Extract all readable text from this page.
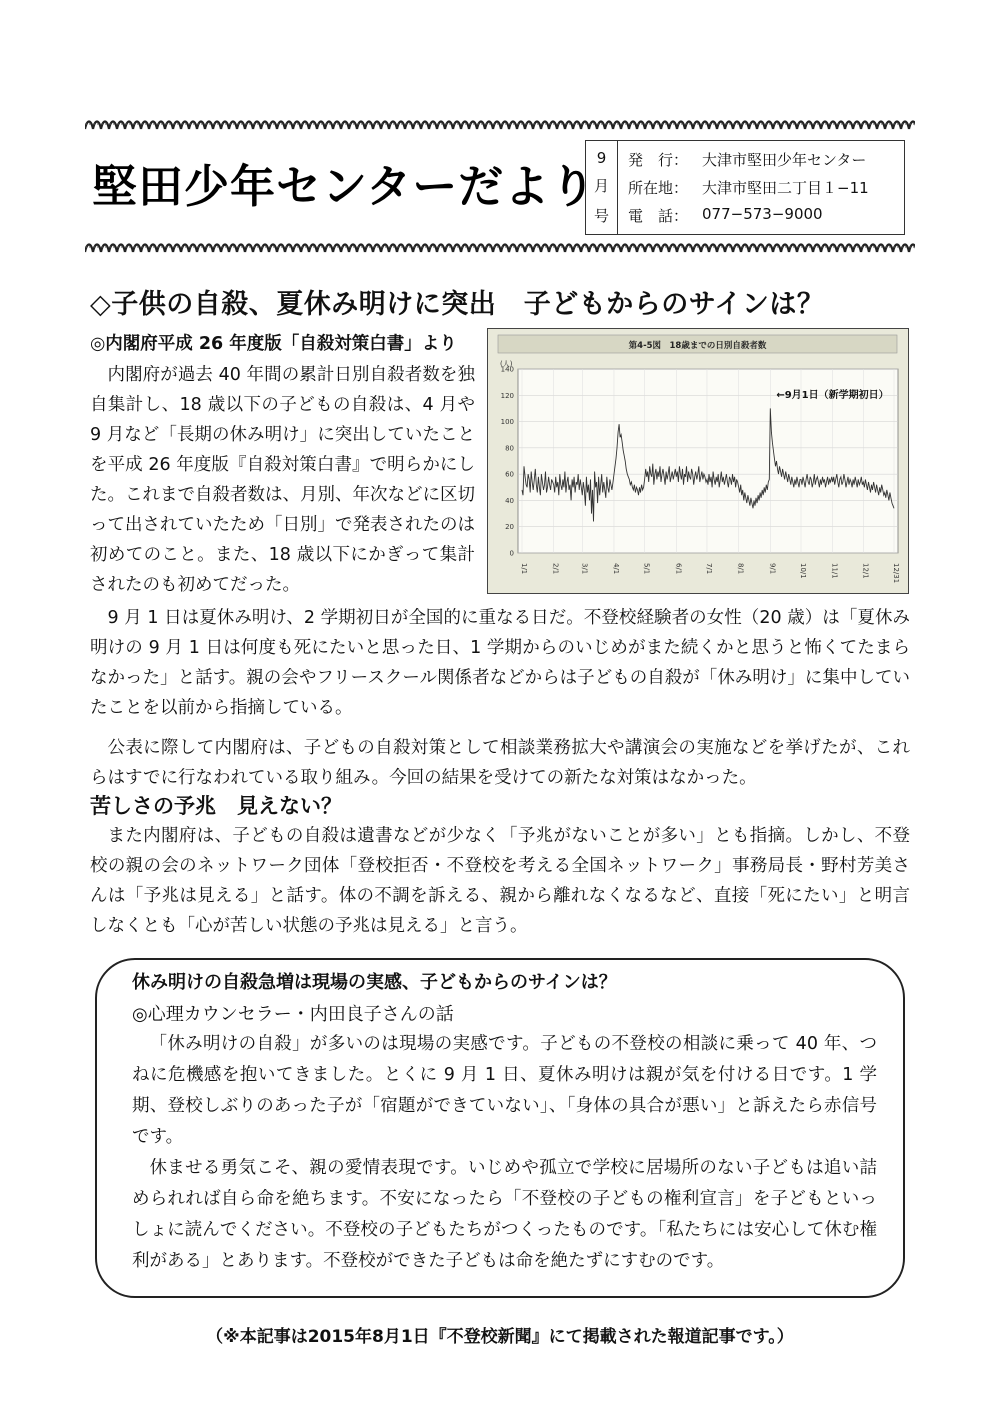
堅田少年センターだより
9
月
号
発　行： 大津市堅田少年センター
所在地： 大津市堅田二丁目１−11
電　話： 077−573−9000
◇子供の自殺、夏休み明けに突出　子どもからのサインは？
◎内閣府平成 26 年度版「自殺対策白書」より

内閣府が過去 40 年間の累計日別自殺者数を独自集計し、18 歳以下の子どもの自殺は、4 月や 9 月など「長期の休み明け」に突出していたことを平成 26 年度版『自殺対策白書』で明らかにした。これまで自殺者数は、月別、年次などに区切って出されていたため「日別」で発表されたのは初めてのこと。また、18 歳以下にかぎって集計されたのも初めてだった。

第4-5図　18歳までの日別自殺者数
(人)
0
20
40
60
80
100
120
140
1/1	2/1	3/1	4/1	5/1	6/1	7/1	8/1	9/1	10/1	11/1	12/1	12/31
←9月1日（新学期初日）

9 月 1 日は夏休み明け、2 学期初日が全国的に重なる日だ。不登校経験者の女性（20 歳）は「夏休み明けの 9 月 1 日は何度も死にたいと思った日、1 学期からのいじめがまた続くかと思うと怖くてたまらなかった」と話す。親の会やフリースクール関係者などからは子どもの自殺が「休み明け」に集中していたことを以前から指摘している。

公表に際して内閣府は、子どもの自殺対策として相談業務拡大や講演会の実施などを挙げたが、これらはすでに行なわれている取り組み。今回の結果を受けての新たな対策はなかった。

苦しさの予兆　見えない？

また内閣府は、子どもの自殺は遺書などが少なく「予兆がないことが多い」とも指摘。しかし、不登校の親の会のネットワーク団体「登校拒否・不登校を考える全国ネットワーク」事務局長・野村芳美さんは「予兆は見える」と話す。体の不調を訴える、親から離れなくなるなど、直接「死にたい」と明言しなくとも「心が苦しい状態の予兆は見える」と言う。

休み明けの自殺急増は現場の実感、子どもからのサインは？
◎心理カウンセラー・内田良子さんの話

「休み明けの自殺」が多いのは現場の実感です。子どもの不登校の相談に乗って 40 年、つねに危機感を抱いてきました。とくに 9 月 1 日、夏休み明けは親が気を付ける日です。1 学期、登校しぶりのあった子が「宿題ができていない」、「身体の具合が悪い」と訴えたら赤信号です。

休ませる勇気こそ、親の愛情表現です。いじめや孤立で学校に居場所のない子どもは追い詰められれば自ら命を絶ちます。不安になったら「不登校の子どもの権利宣言」を子どもといっしょに読んでください。不登校の子どもたちがつくったものです。「私たちには安心して休む権利がある」とあります。不登校ができた子どもは命を絶たずにすむのです。

（※本記事は2015年8月1日『不登校新聞』にて掲載された報道記事です。）
